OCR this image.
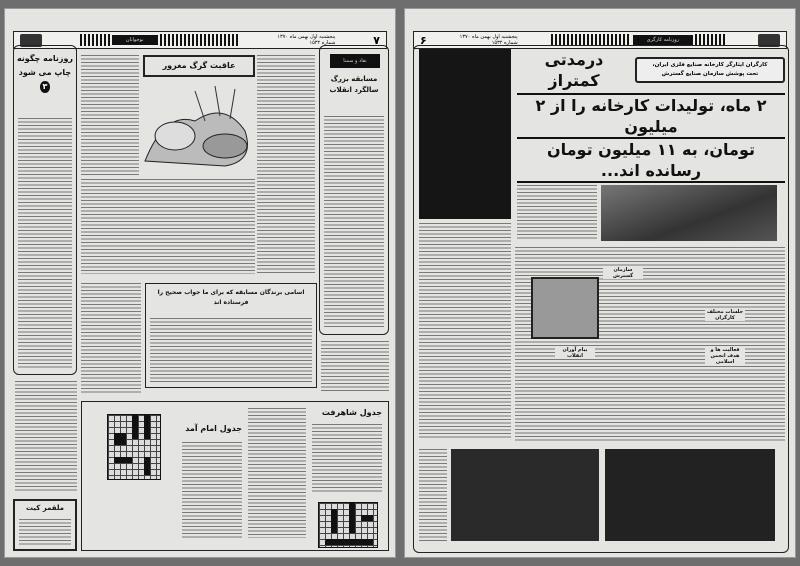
۷
پنجشنبه اول بهمن ماه ۱۳۷۰
شماره ۱۵۳۲
نوجوانان
نقاد و سمنا
مسابقه بزرگ سالگرد انقلاب
روزنامه چگونه چاپ می شود ۳
عاقبت گرگ مغرور
اسامی برندگان مسابقه که برای ما جواب صحیح را فرستاده اند
جدول شاهرفت
جدول امام آمد
ملقمر کیت
روزنامه کارگری
پنجشنبه اول بهمن ماه ۱۳۷۰
شماره ۱۵۳۲
۶
کارگران ایثارگر کارخانه صنایع فلزی ایران،
تحت پوشش سازمان صنایع گسترش
درمدتی کمتراز
۲ ماه، تولیدات کارخانه را از ۲ میلیون
تومان، به ۱۱ میلیون تومان رسانده اند...
سازمان گسترش
جلسات مختلف کارگران
فعالیت ها و هدف انجمن اسلامی
پیام آوران انقلاب
